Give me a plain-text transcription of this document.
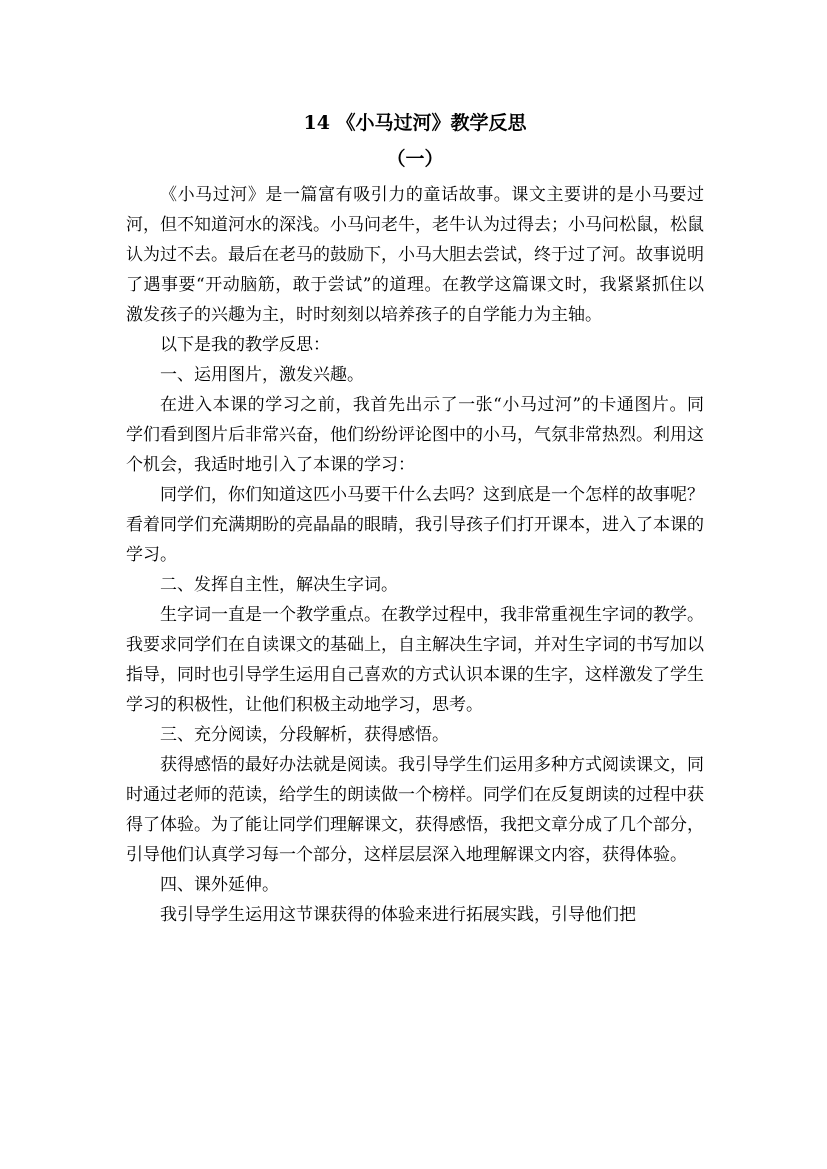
14 《小马过河》教学反思
（一）

《小马过河》是一篇富有吸引力的童话故事。课文主要讲的是小马要过河，但不知道河水的深浅。小马问老牛，老牛认为过得去；小马问松鼠，松鼠认为过不去。最后在老马的鼓励下，小马大胆去尝试，终于过了河。故事说明了遇事要“开动脑筋，敢于尝试”的道理。在教学这篇课文时，我紧紧抓住以激发孩子的兴趣为主，时时刻刻以培养孩子的自学能力为主轴。

以下是我的教学反思：

一、运用图片，激发兴趣。

在进入本课的学习之前，我首先出示了一张“小马过河”的卡通图片。同学们看到图片后非常兴奋，他们纷纷评论图中的小马，气氛非常热烈。利用这个机会，我适时地引入了本课的学习：

同学们，你们知道这匹小马要干什么去吗？这到底是一个怎样的故事呢？看着同学们充满期盼的亮晶晶的眼睛，我引导孩子们打开课本，进入了本课的学习。

二、发挥自主性，解决生字词。

生字词一直是一个教学重点。在教学过程中，我非常重视生字词的教学。我要求同学们在自读课文的基础上，自主解决生字词，并对生字词的书写加以指导，同时也引导学生运用自己喜欢的方式认识本课的生字，这样激发了学生学习的积极性，让他们积极主动地学习，思考。

三、充分阅读，分段解析，获得感悟。

获得感悟的最好办法就是阅读。我引导学生们运用多种方式阅读课文，同时通过老师的范读，给学生的朗读做一个榜样。同学们在反复朗读的过程中获得了体验。为了能让同学们理解课文，获得感悟，我把文章分成了几个部分，引导他们认真学习每一个部分，这样层层深入地理解课文内容，获得体验。

四、课外延伸。

我引导学生运用这节课获得的体验来进行拓展实践，引导他们把
